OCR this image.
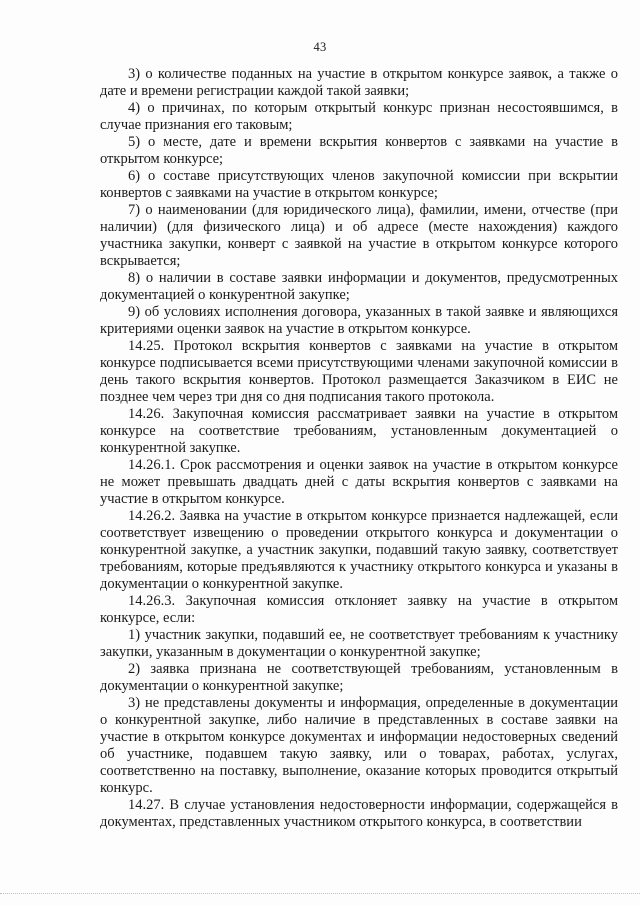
43

3) о количестве поданных на участие в открытом конкурсе заявок, а также о дате и времени регистрации каждой такой заявки;

4) о причинах, по которым открытый конкурс признан несостоявшимся, в случае признания его таковым;

5) о месте, дате и времени вскрытия конвертов с заявками на участие в открытом конкурсе;

6) о составе присутствующих членов закупочной комиссии при вскрытии конвертов с заявками на участие в открытом конкурсе;

7) о наименовании (для юридического лица), фамилии, имени, отчестве (при наличии) (для физического лица) и об адресе (месте нахождения) каждого участника закупки, конверт с заявкой на участие в открытом конкурсе которого вскрывается;

8) о наличии в составе заявки информации и документов, предусмотренных документацией о конкурентной закупке;

9) об условиях исполнения договора, указанных в такой заявке и являющихся критериями оценки заявок на участие в открытом конкурсе.

14.25. Протокол вскрытия конвертов с заявками на участие в открытом конкурсе подписывается всеми присутствующими членами закупочной комиссии в день такого вскрытия конвертов. Протокол размещается Заказчиком в ЕИС не позднее чем через три дня со дня подписания такого протокола.

14.26. Закупочная комиссия рассматривает заявки на участие в открытом конкурсе на соответствие требованиям, установленным документацией о конкурентной закупке.

14.26.1. Срок рассмотрения и оценки заявок на участие в открытом конкурсе не может превышать двадцать дней с даты вскрытия конвертов с заявками на участие в открытом конкурсе.

14.26.2. Заявка на участие в открытом конкурсе признается надлежащей, если соответствует извещению о проведении открытого конкурса и документации о конкурентной закупке, а участник закупки, подавший такую заявку, соответствует требованиям, которые предъявляются к участнику открытого конкурса и указаны в документации о конкурентной закупке.

14.26.3. Закупочная комиссия отклоняет заявку на участие в открытом конкурсе, если:

1) участник закупки, подавший ее, не соответствует требованиям к участнику закупки, указанным в документации о конкурентной закупке;

2) заявка признана не соответствующей требованиям, установленным в документации о конкурентной закупке;

3) не представлены документы и информация, определенные в документации о конкурентной закупке, либо наличие в представленных в составе заявки на участие в открытом конкурсе документах и информации недостоверных сведений об участнике, подавшем такую заявку, или о товарах, работах, услугах, соответственно на поставку, выполнение, оказание которых проводится открытый конкурс.

14.27. В случае установления недостоверности информации, содержащейся в документах, представленных участником открытого конкурса, в соответствии
